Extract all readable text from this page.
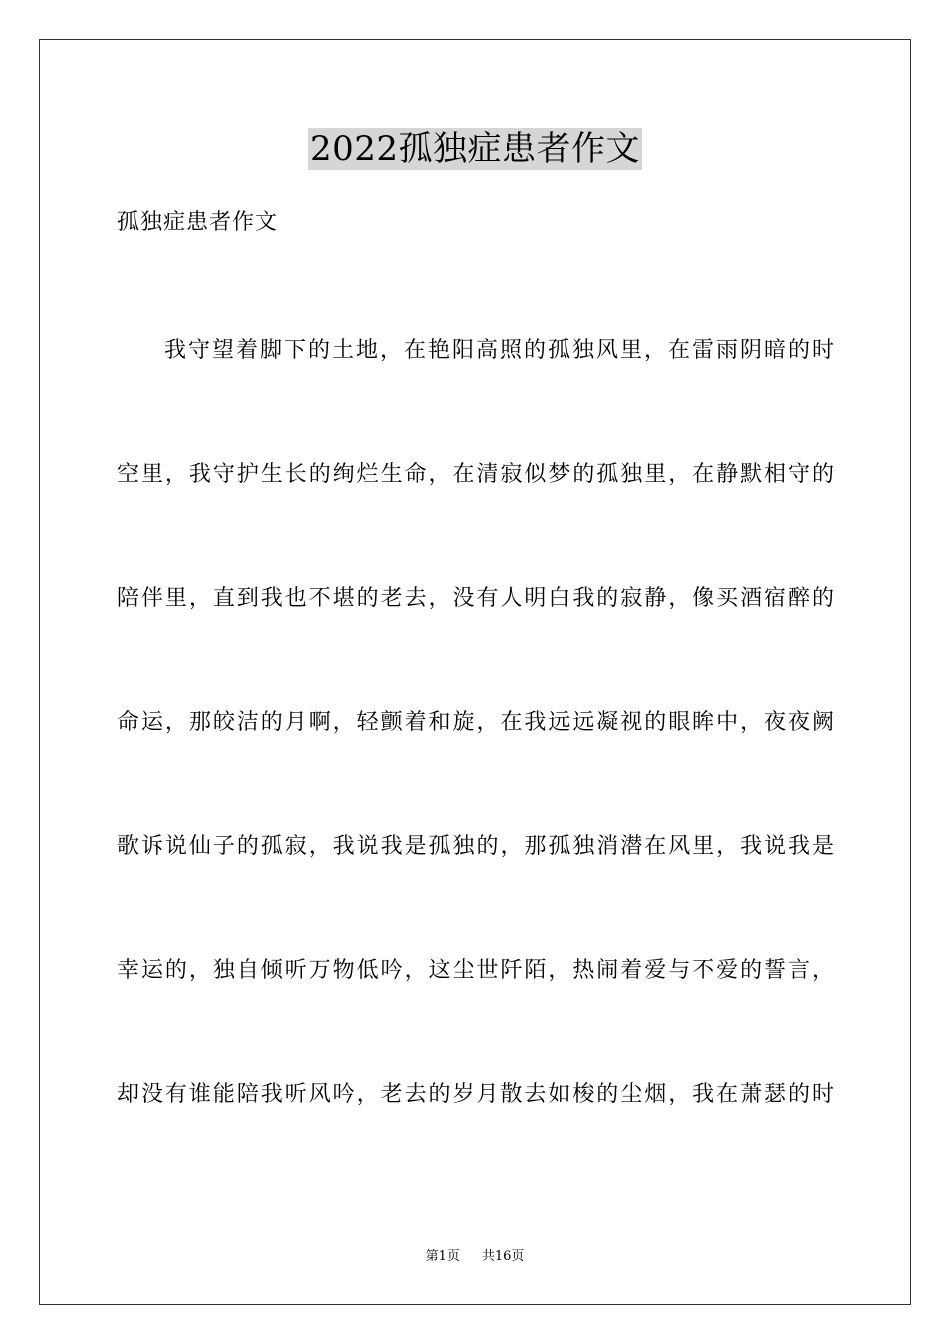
2022孤独症患者作文
孤独症患者作文
我守望着脚下的土地，在艳阳高照的孤独风里，在雷雨阴暗的时
空里，我守护生长的绚烂生命，在清寂似梦的孤独里，在静默相守的
陪伴里，直到我也不堪的老去，没有人明白我的寂静，像买酒宿醉的
命运，那皎洁的月啊，轻颤着和旋，在我远远凝视的眼眸中，夜夜阙
歌诉说仙子的孤寂，我说我是孤独的，那孤独消潜在风里，我说我是
幸运的，独自倾听万物低吟，这尘世阡陌，热闹着爱与不爱的誓言，
却没有谁能陪我听风吟，老去的岁月散去如梭的尘烟，我在萧瑟的时
第1页 共16页
